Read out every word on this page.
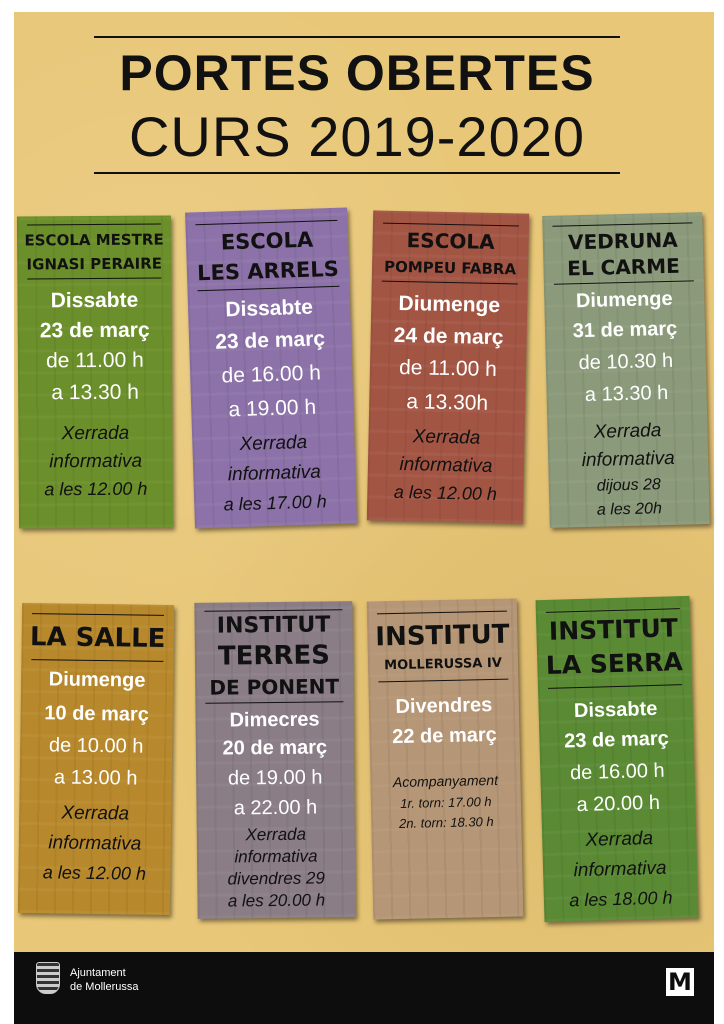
PORTES OBERTES
CURS 2019-2020
ESCOLA MESTRE
IGNASI PERAIRE
Dissabte
23 de març
de 11.00 h
a 13.30 h
Xerrada
informativa
a les 12.00 h
ESCOLA
LES ARRELS
Dissabte
23 de març
de 16.00 h
a 19.00 h
Xerrada
informativa
a les 17.00 h
ESCOLA
POMPEU FABRA
Diumenge
24 de març
de 11.00 h
a 13.30h
Xerrada
informativa
a les 12.00 h
VEDRUNA
EL CARME
Diumenge
31 de març
de 10.30 h
a 13.30 h
Xerrada
informativa
dijous 28
a les 20h
LA SALLE
Diumenge
10 de març
de 10.00 h
a 13.00 h
Xerrada
informativa
a les 12.00 h
INSTITUT
TERRES
DE PONENT
Dimecres
20 de març
de 19.00 h
a 22.00 h
Xerrada
informativa
divendres 29
a les 20.00 h
INSTITUT
MOLLERUSSA IV
Divendres
22 de març
Acompanyament
1r. torn: 17.00 h
2n. torn: 18.30 h
INSTITUT
LA SERRA
Dissabte
23 de març
de 16.00 h
a 20.00 h
Xerrada
informativa
a les 18.00 h
Ajuntament
de Mollerussa	M
